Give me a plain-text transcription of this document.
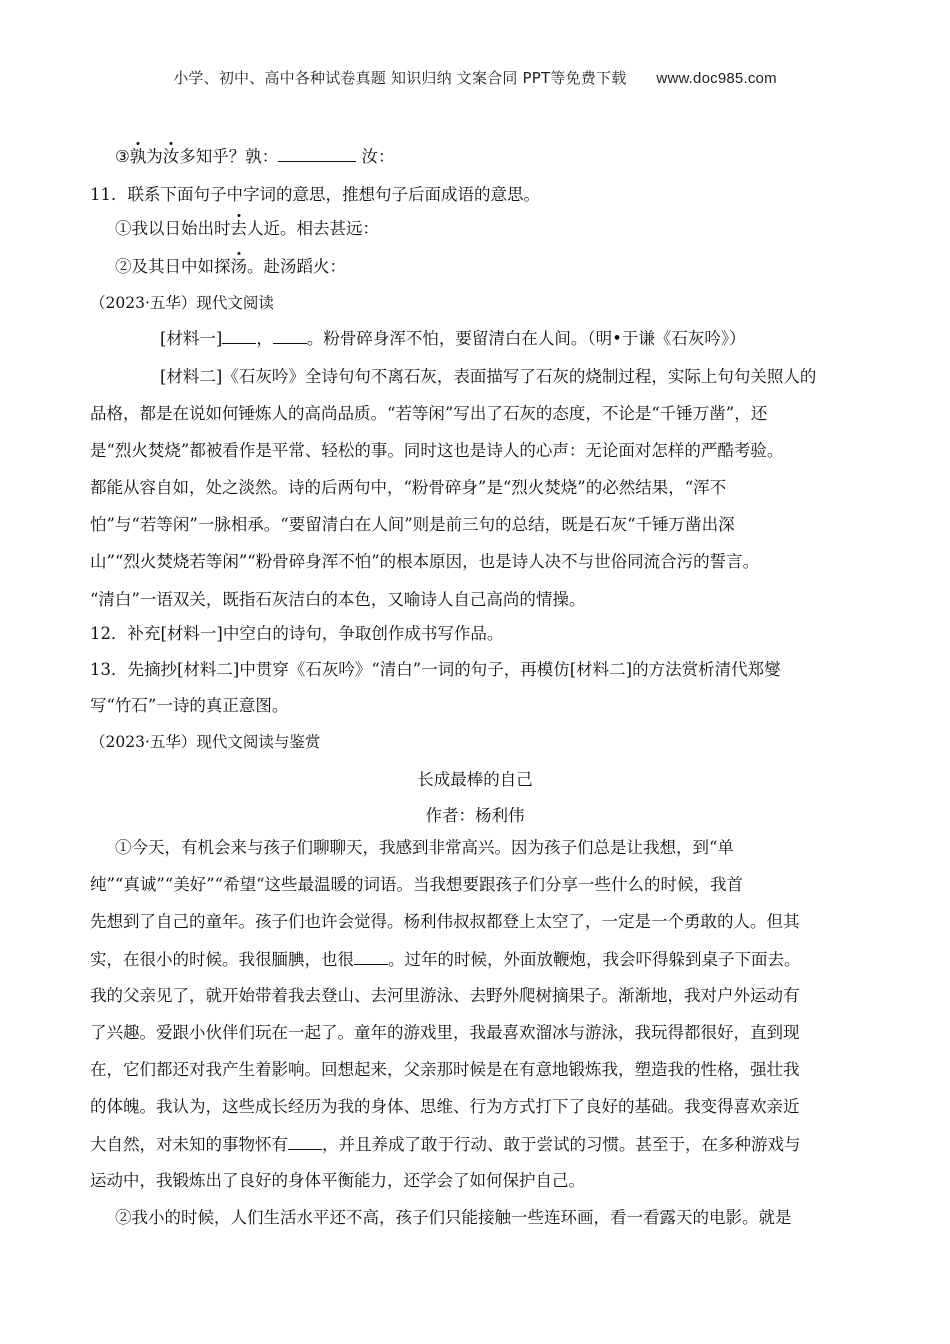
小学、初中、高中各种试卷真题 知识归纳 文案合同 PPT等免费下载 www.doc985.com
③孰为汝多知乎？孰：	汝：
11．联系下面句子中字词的意思，推想句子后面成语的意思。
①我以日始出时去人近。相去甚远：
②及其日中如探汤。赴汤蹈火：
（2023·五华）现代文阅读
[材料一] ， 。粉骨碎身浑不怕，要留清白在人间。（明•于谦《石灰吟》）
[材料二]《石灰吟》全诗句句不离石灰，表面描写了石灰的烧制过程，实际上句句关照人的
品格，都是在说如何锤炼人的高尚品质。“若等闲”写出了石灰的态度，不论是“千锤万凿”，还
是“烈火焚烧”都被看作是平常、轻松的事。同时这也是诗人的心声：无论面对怎样的严酷考验。
都能从容自如，处之淡然。诗的后两句中，“粉骨碎身”是“烈火焚烧”的必然结果，“浑不
怕”与“若等闲”一脉相承。“要留清白在人间”则是前三句的总结，既是石灰“千锤万凿出深
山”“烈火焚烧若等闲”“粉骨碎身浑不怕”的根本原因，也是诗人决不与世俗同流合污的誓言。
“清白”一语双关，既指石灰洁白的本色，又喻诗人自己高尚的情操。
12．补充[材料一]中空白的诗句，争取创作成书写作品。
13．先摘抄[材料二]中贯穿《石灰吟》“清白”一词的句子，再模仿[材料二]的方法赏析清代郑燮
写“竹石”一诗的真正意图。
（2023·五华）现代文阅读与鉴赏
长成最棒的自己
作者：杨利伟
①今天，有机会来与孩子们聊聊天，我感到非常高兴。因为孩子们总是让我想，到“单
纯”“真诚”“美好”“希望“这些最温暖的词语。当我想要跟孩子们分享一些什么的时候，我首
先想到了自己的童年。孩子们也许会觉得。杨利伟叔叔都登上太空了，一定是一个勇敢的人。但其
实，在很小的时候。我很腼腆，也很 。过年的时候，外面放鞭炮，我会吓得躲到桌子下面去。
我的父亲见了，就开始带着我去登山、去河里游泳、去野外爬树摘果子。渐渐地，我对户外运动有
了兴趣。爱跟小伙伴们玩在一起了。童年的游戏里，我最喜欢溜冰与游泳，我玩得都很好，直到现
在，它们都还对我产生着影响。回想起来，父亲那时候是在有意地锻炼我，塑造我的性格，强壮我
的体魄。我认为，这些成长经历为我的身体、思维、行为方式打下了良好的基础。我变得喜欢亲近
大自然，对未知的事物怀有 ，并且养成了敢于行动、敢于尝试的习惯。甚至于，在多种游戏与
运动中，我锻炼出了良好的身体平衡能力，还学会了如何保护自己。
②我小的时候，人们生活水平还不高，孩子们只能接触一些连环画，看一看露天的电影。就是
